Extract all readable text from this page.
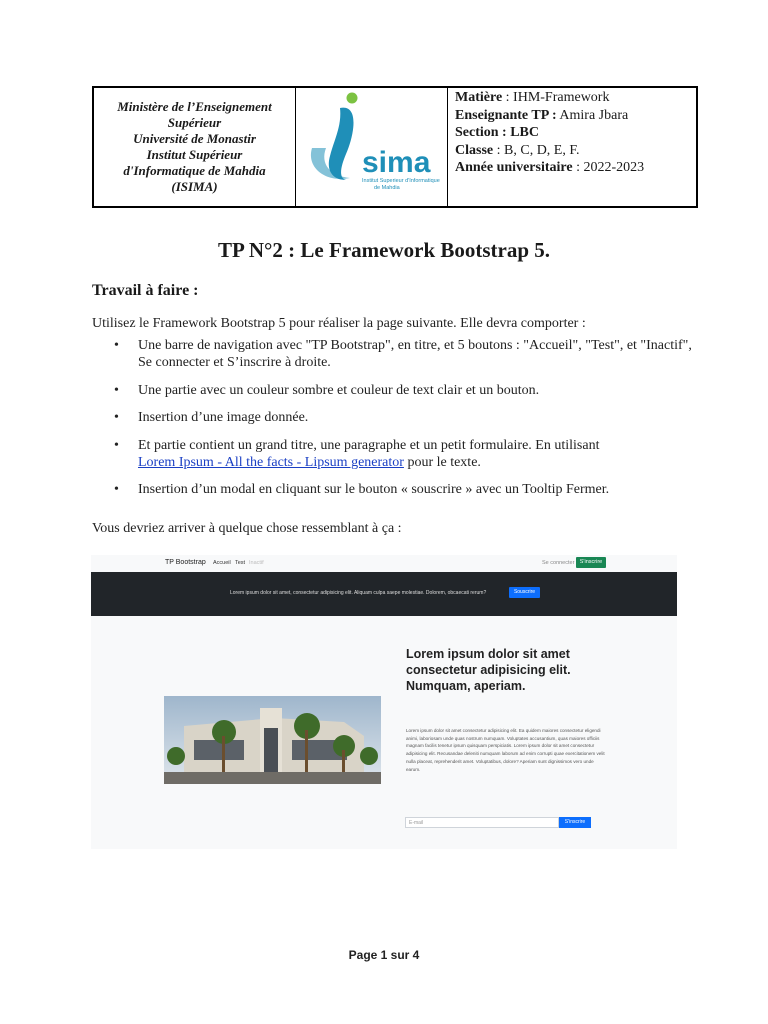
Ministère de l’Enseignement
Supérieur
Université de Monastir
Institut Supérieur
d'Informatique de Mahdia
(ISIMA)
sima
Institut Superieur d'Informatique
de Mahdia
Matière : IHM-Framework
Enseignante TP : Amira Jbara
Section : LBC
Classe : B, C, D, E, F.
Année universitaire : 2022-2023
TP N°2 : Le Framework Bootstrap 5.
Travail à faire :
Utilisez le Framework Bootstrap 5 pour réaliser la page suivante. Elle devra comporter :
• Une barre de navigation avec "TP Bootstrap", en titre, et 5 boutons : "Accueil", "Test", et "Inactif", Se connecter et S’inscrire à droite.
• Une partie avec un couleur sombre et couleur de text clair et un bouton.
• Insertion d’une image donnée.
• Et partie contient un grand titre, une paragraphe et un petit formulaire. En utilisant
Lorem Ipsum - All the facts - Lipsum generator pour le texte.
• Insertion d’un modal en cliquant sur le bouton « souscrire » avec un Tooltip Fermer.
Vous devriez arriver à quelque chose ressemblant à ça :
TP Bootstrap Accueil Test Inactif	Se connecter S'inscrire
Lorem ipsum dolor sit amet, consectetur adipisicing elit. Aliquam culpa saepe molestiae. Dolorem, obcaecati rerum?	Souscrire
Lorem ipsum dolor sit amet
consectetur adipisicing elit.
Numquam, aperiam.
Lorem ipsum dolor sit amet consectetur adipisicing elit. Ea quidem maiores consectetur eligendi animi, laboriosam unde quas nostrum numquam. Voluptates accusantium, quas maiores officiis magnam facilis tenetur ipsum quisquam perspiciatis. Lorem ipsum dolor sit amet consectetur adipisicing elit. Recusandae deleniti numquam laborum ad enim corrupti quae exercitationem velit nulla placeat, reprehenderit amet. Voluptatibus, dolore? Aperiam sunt dignissimos vero unde earum.
E-mail	S'inscrire
Page 1 sur 4
